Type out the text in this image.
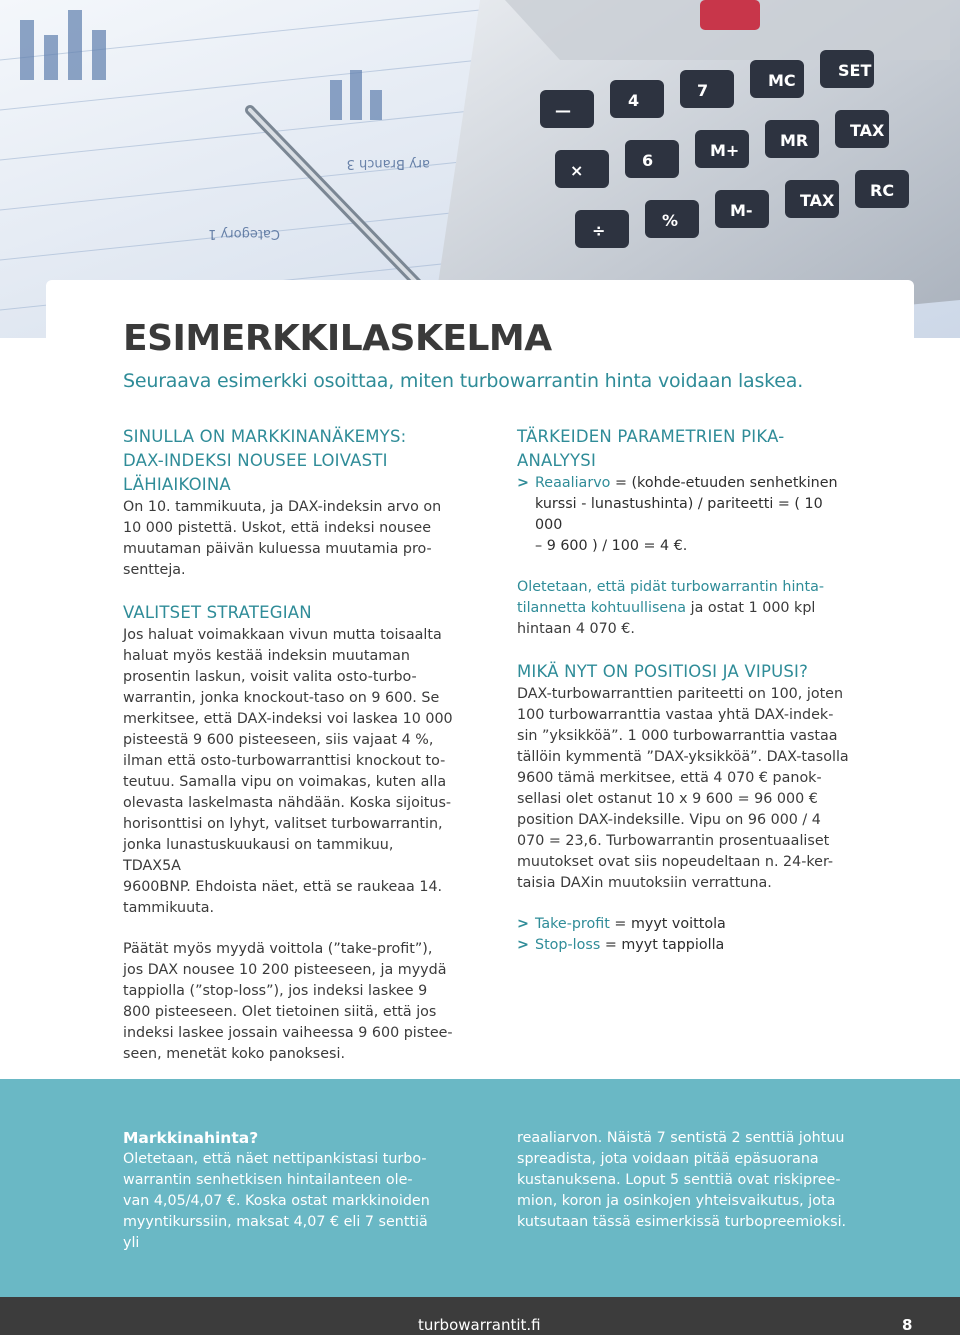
ary Branch 3
Category 1
—
4
7
MC
SET
×
6
M+
MR
TAX
÷
%
M-
TAX
RC
ESIMERKKILASKELMA

Seuraava esimerkki osoittaa, miten turbowarrantin hinta voidaan laskea.

SINULLA ON MARKKINANÄKEMYS:
DAX-INDEKSI NOUSEE LOIVASTI
LÄHIAIKOINA

On 10. tammikuuta, ja DAX-indeksin arvo on
10 000 pistettä. Uskot, että indeksi nousee
muutaman päivän kuluessa muutamia pro-
sentteja.

VALITSET STRATEGIAN

Jos haluat voimakkaan vivun mutta toisaalta
haluat myös kestää indeksin muutaman
prosentin laskun, voisit valita osto-turbo-
warrantin, jonka knockout-taso on 9 600. Se
merkitsee, että DAX-indeksi voi laskea 10 000
pisteestä 9 600 pisteeseen, siis vajaat 4 %,
ilman että osto-turbowarranttisi knockout to-
teutuu. Samalla vipu on voimakas, kuten alla
olevasta laskelmasta nähdään. Koska sijoitus-
horisonttisi on lyhyt, valitset turbowarrantin,
jonka lunastuskuukausi on tammikuu, TDAX5A
9600BNP. Ehdoista näet, että se raukeaa 14.
tammikuuta.

Päätät myös myydä voittola (”take-profit”),
jos DAX nousee 10 200 pisteeseen, ja myydä
tappiolla (”stop-loss”), jos indeksi laskee 9
800 pisteeseen. Olet tietoinen siitä, että jos
indeksi laskee jossain vaiheessa 9 600 pistee-
seen, menetät koko panoksesi.

TÄRKEIDEN PARAMETRIEN PIKA-
ANALYYSI

> Reaaliarvo = (kohde-etuuden senhetkinen
kurssi - lunastushinta) / pariteetti = ( 10 000
– 9 600 ) / 100 = 4 €.

Oletetaan, että pidät turbowarrantin hinta-
tilannetta kohtuullisena ja ostat 1 000 kpl
hintaan 4 070 €.

MIKÄ NYT ON POSITIOSI JA VIPUSI?

DAX-turbowarranttien pariteetti on 100, joten
100 turbowarranttia vastaa yhtä DAX-indek-
sin ”yksikköä”. 1 000 turbowarranttia vastaa
tällöin kymmentä ”DAX-yksikköä”. DAX-tasolla
9600 tämä merkitsee, että 4 070 € panok-
sellasi olet ostanut 10 x 9 600 = 96 000 €
position DAX-indeksille. Vipu on 96 000 / 4
070 = 23,6. Turbowarrantin prosentuaaliset
muutokset ovat siis nopeudeltaan n. 24-ker-
taisia DAXin muutoksiin verrattuna.

> Take-profit = myyt voittola

> Stop-loss = myyt tappiolla

Markkinahinta?

Oletetaan, että näet nettipankistasi turbo-
warrantin senhetkisen hintailanteen ole-
van 4,05/4,07 €. Koska ostat markkinoiden
myyntikurssiin, maksat 4,07 € eli 7 senttiä yli

reaaliarvon. Näistä 7 sentistä 2 senttiä johtuu
spreadista, jota voidaan pitää epäsuorana
kustanuksena. Loput 5 senttiä ovat riskipree-
mion, koron ja osinkojen yhteisvaikutus, jota
kutsutaan tässä esimerkissä turbopreemioksi.

turbowarrantit.fi	8
